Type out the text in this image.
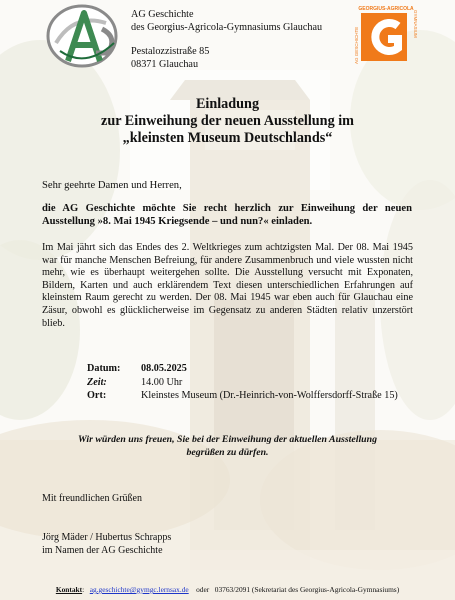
AG Geschichte
des Georgius-Agricola-Gymnasiums Glauchau
Pestalozzistraße 85
08371 Glauchau
GEORGIUS-AGRICOLA
AG GESCHICHTE
GYMNASIUM
Einladung
zur Einweihung der neuen Ausstellung im
„kleinsten Museum Deutschlands“
Sehr geehrte Damen und Herren,
die AG Geschichte möchte Sie recht herzlich zur Einweihung der neuen Ausstellung »8. Mai 1945 Kriegsende – und nun?« einladen.
Im Mai jährt sich das Endes des 2. Weltkrieges zum achtzigsten Mal. Der 08. Mai 1945 war für manche Menschen Befreiung, für andere Zusammenbruch und viele wussten nicht mehr, wie es überhaupt weitergehen sollte. Die Ausstellung versucht mit Exponaten, Bildern, Karten und auch erklärendem Text diesen unterschiedlichen Erfahrungen auf kleinstem Raum gerecht zu werden. Der 08. Mai 1945 war eben auch für Glauchau eine Zäsur, obwohl es glücklicherweise im Gegensatz zu anderen Städten relativ unzerstört blieb.
Datum:	08.05.2025
Zeit:	14.00 Uhr
Ort:	Kleinstes Museum (Dr.-Heinrich-von-Wolffersdorff-Straße 15)
Wir würden uns freuen, Sie bei der Einweihung der aktuellen Ausstellung
begrüßen zu dürfen.
Mit freundlichen Grüßen
Jörg Mäder / Hubertus Schrapps
im Namen der AG Geschichte
Kontakt: ag.geschichte@gymgc.lernsax.de oder 03763/2091 (Sekretariat des Georgius-Agricola-Gymnasiums)
